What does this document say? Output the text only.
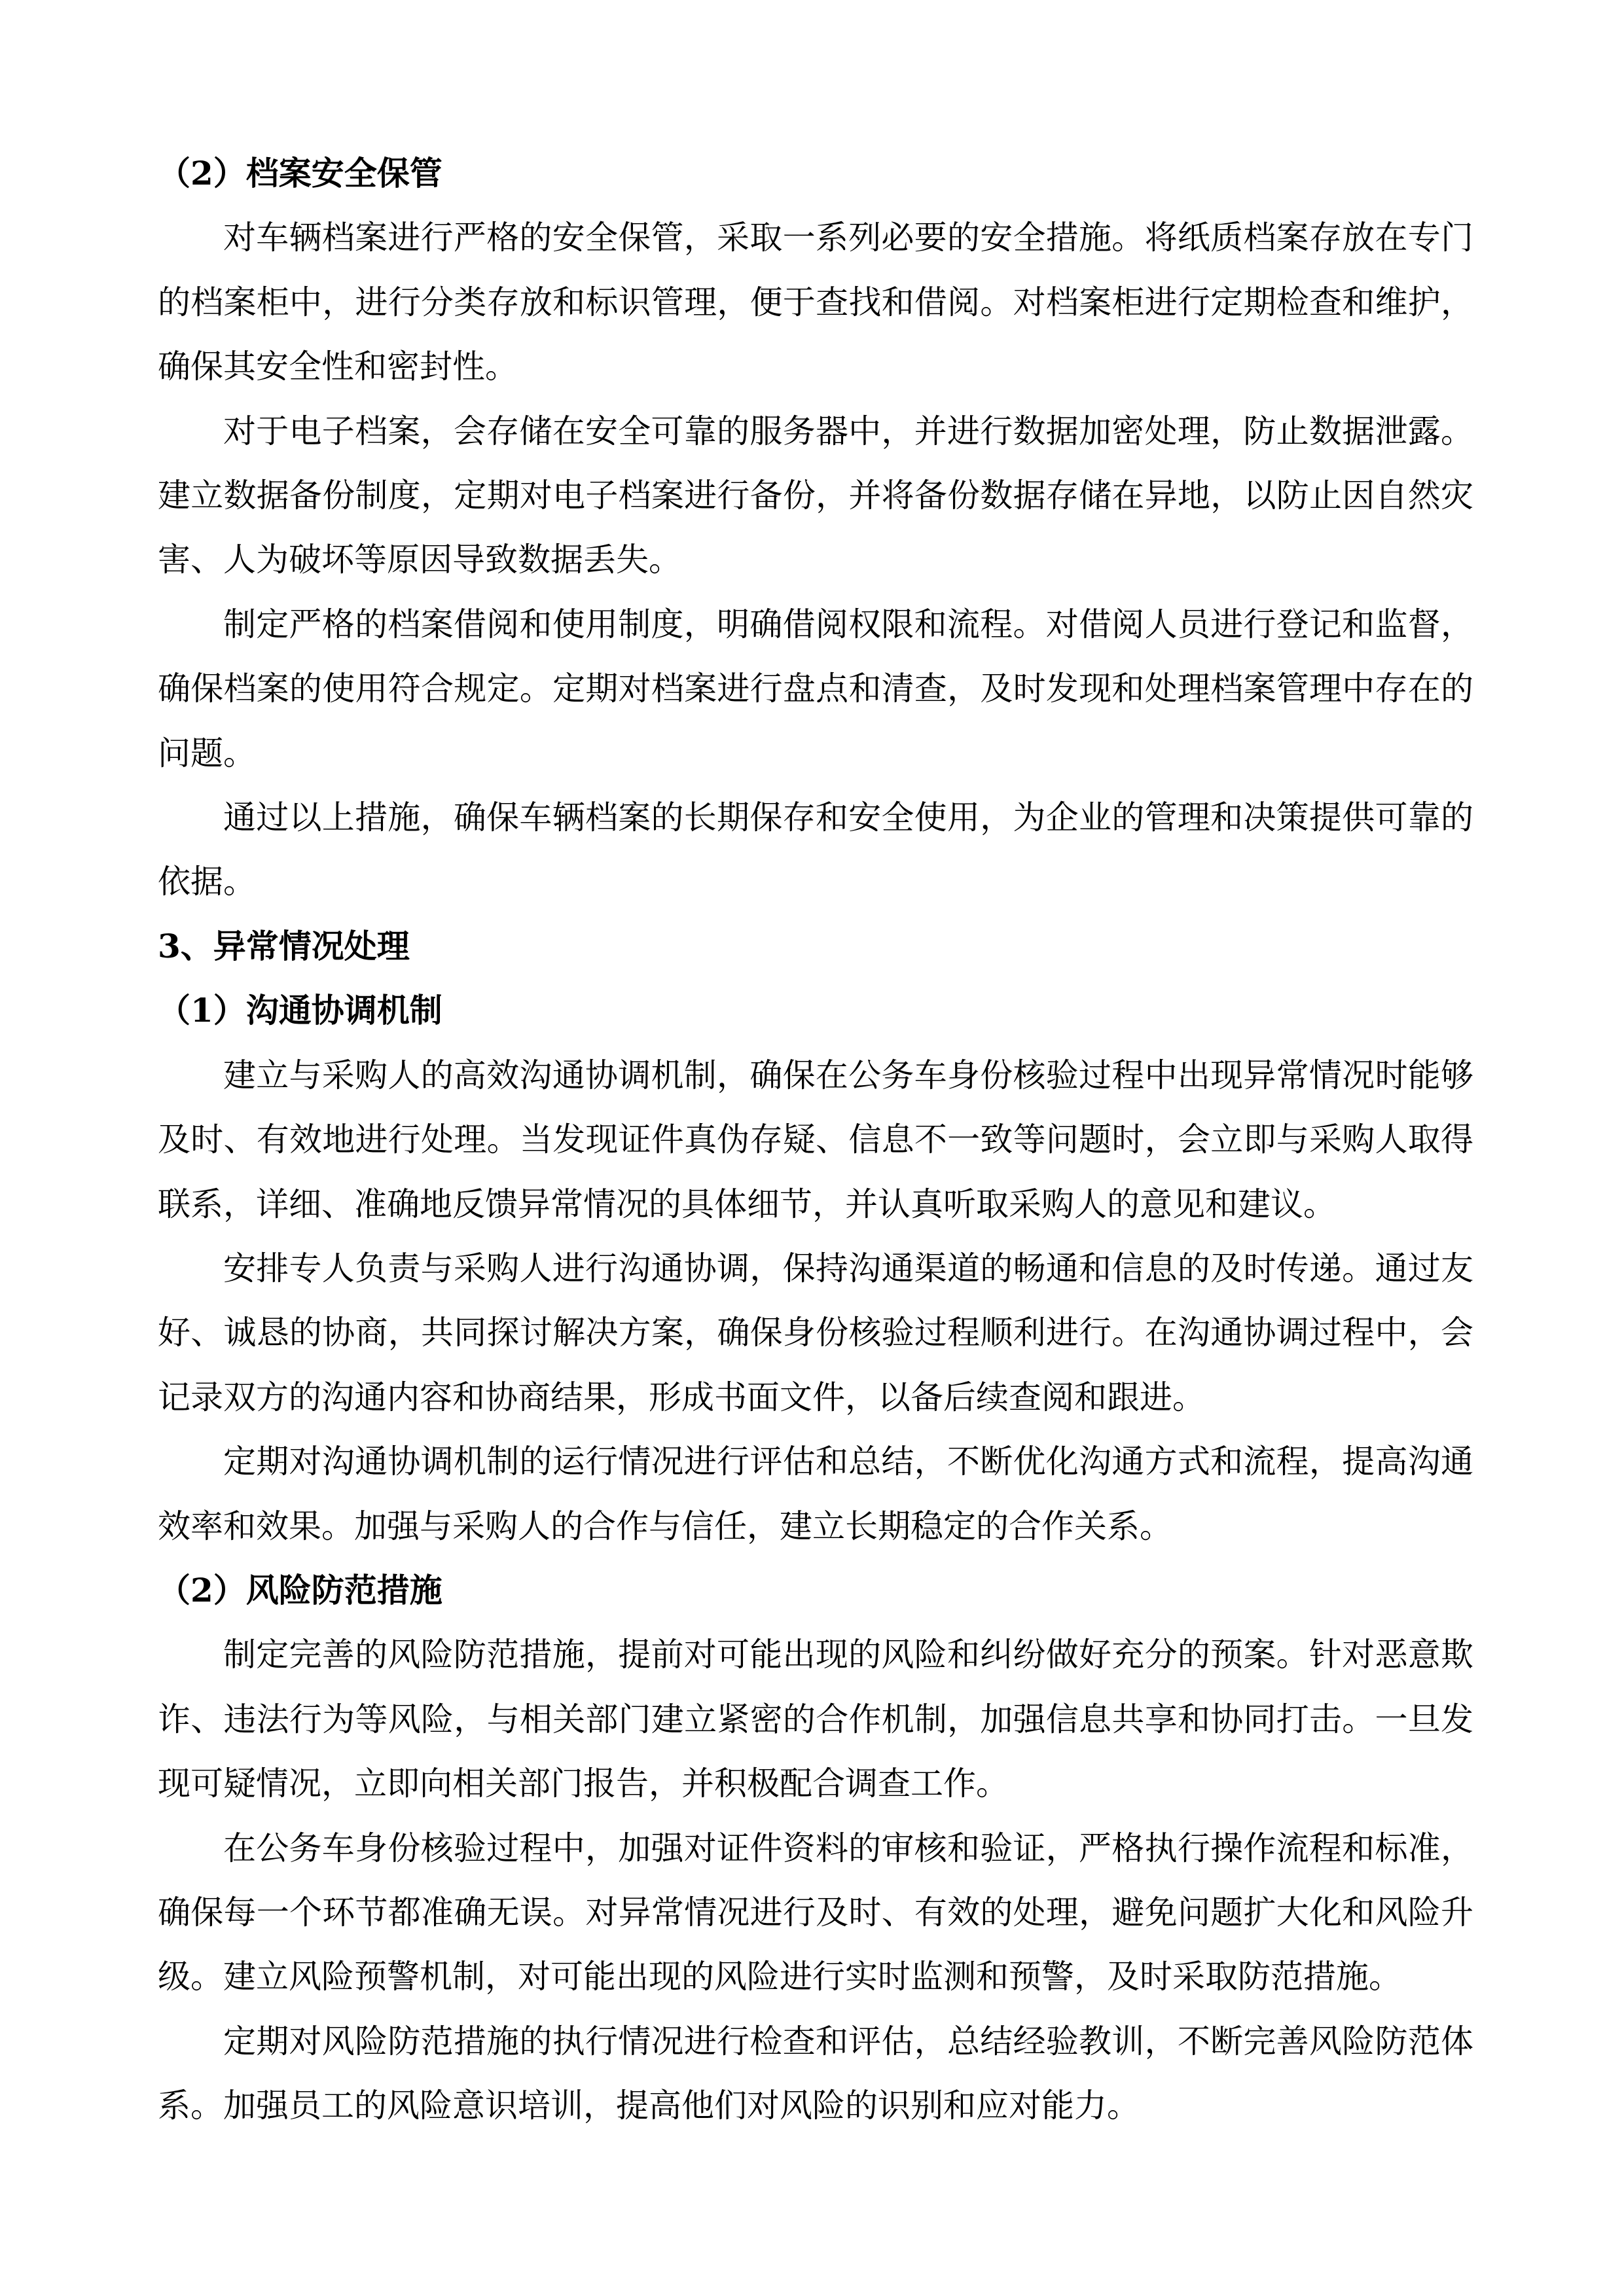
（2）档案安全保管

对车辆档案进行严格的安全保管，采取一系列必要的安全措施。将纸质档案存放在专门的档案柜中，进行分类存放和标识管理，便于查找和借阅。对档案柜进行定期检查和维护，确保其安全性和密封性。

对于电子档案，会存储在安全可靠的服务器中，并进行数据加密处理，防止数据泄露。建立数据备份制度，定期对电子档案进行备份，并将备份数据存储在异地，以防止因自然灾害、人为破坏等原因导致数据丢失。

制定严格的档案借阅和使用制度，明确借阅权限和流程。对借阅人员进行登记和监督，确保档案的使用符合规定。定期对档案进行盘点和清查，及时发现和处理档案管理中存在的问题。

通过以上措施，确保车辆档案的长期保存和安全使用，为企业的管理和决策提供可靠的依据。

3、异常情况处理

（1）沟通协调机制

建立与采购人的高效沟通协调机制，确保在公务车身份核验过程中出现异常情况时能够及时、有效地进行处理。当发现证件真伪存疑、信息不一致等问题时，会立即与采购人取得联系，详细、准确地反馈异常情况的具体细节，并认真听取采购人的意见和建议。

安排专人负责与采购人进行沟通协调，保持沟通渠道的畅通和信息的及时传递。通过友好、诚恳的协商，共同探讨解决方案，确保身份核验过程顺利进行。在沟通协调过程中，会记录双方的沟通内容和协商结果，形成书面文件，以备后续查阅和跟进。

定期对沟通协调机制的运行情况进行评估和总结，不断优化沟通方式和流程，提高沟通效率和效果。加强与采购人的合作与信任，建立长期稳定的合作关系。

（2）风险防范措施

制定完善的风险防范措施，提前对可能出现的风险和纠纷做好充分的预案。针对恶意欺诈、违法行为等风险，与相关部门建立紧密的合作机制，加强信息共享和协同打击。一旦发现可疑情况，立即向相关部门报告，并积极配合调查工作。

在公务车身份核验过程中，加强对证件资料的审核和验证，严格执行操作流程和标准，确保每一个环节都准确无误。对异常情况进行及时、有效的处理，避免问题扩大化和风险升级。建立风险预警机制，对可能出现的风险进行实时监测和预警，及时采取防范措施。

定期对风险防范措施的执行情况进行检查和评估，总结经验教训，不断完善风险防范体系。加强员工的风险意识培训，提高他们对风险的识别和应对能力。
